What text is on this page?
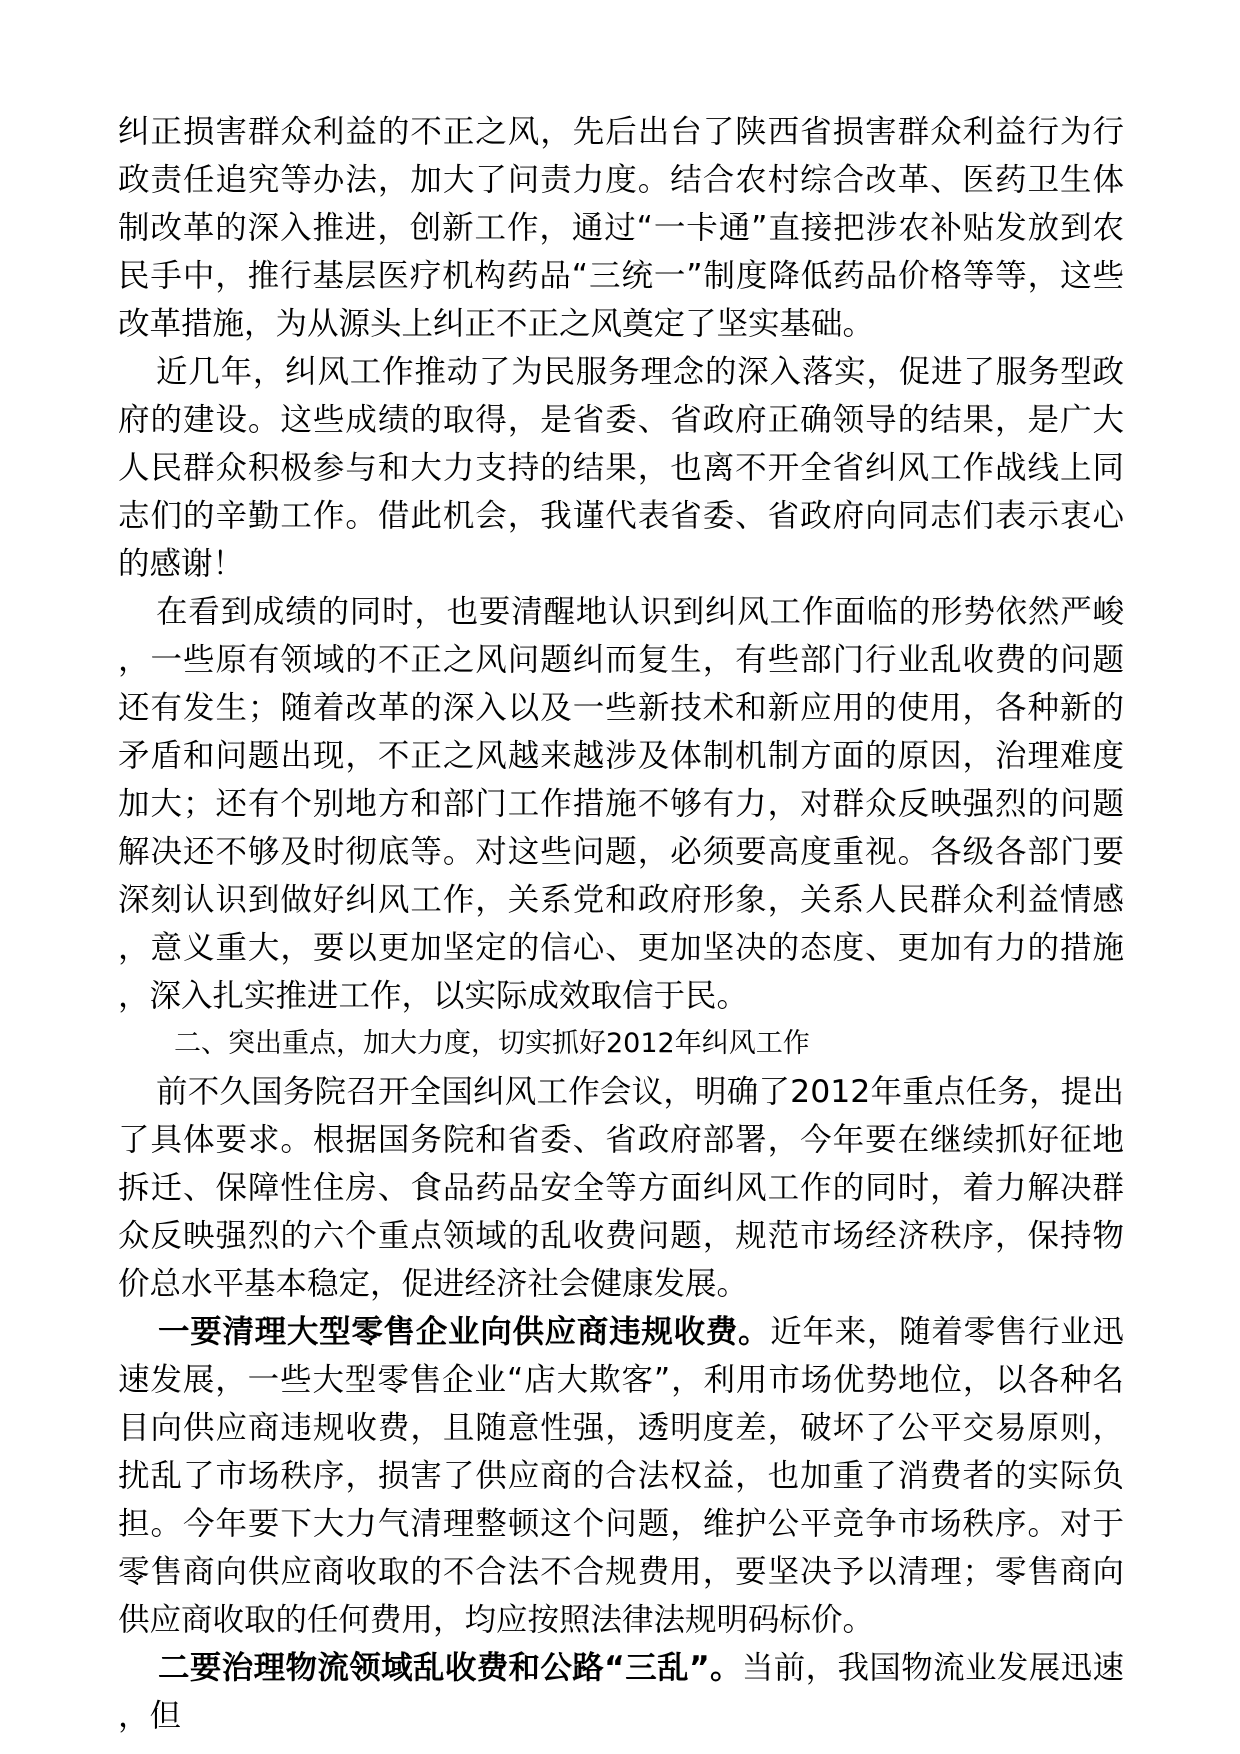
纠正损害群众利益的不正之风，先后出台了陕西省损害群众利益行为行政责任追究等办法，加大了问责力度。结合农村综合改革、医药卫生体制改革的深入推进，创新工作，通过“一卡通”直接把涉农补贴发放到农民手中，推行基层医疗机构药品“三统一”制度降低药品价格等等，这些改革措施，为从源头上纠正不正之风奠定了坚实基础。

近几年，纠风工作推动了为民服务理念的深入落实，促进了服务型政府的建设。这些成绩的取得，是省委、省政府正确领导的结果，是广大人民群众积极参与和大力支持的结果，也离不开全省纠风工作战线上同志们的辛勤工作。借此机会，我谨代表省委、省政府向同志们表示衷心的感谢！

在看到成绩的同时，也要清醒地认识到纠风工作面临的形势依然严峻，一些原有领域的不正之风问题纠而复生，有些部门行业乱收费的问题还有发生；随着改革的深入以及一些新技术和新应用的使用，各种新的矛盾和问题出现，不正之风越来越涉及体制机制方面的原因，治理难度加大；还有个别地方和部门工作措施不够有力，对群众反映强烈的问题解决还不够及时彻底等。对这些问题，必须要高度重视。各级各部门要深刻认识到做好纠风工作，关系党和政府形象，关系人民群众利益情感，意义重大，要以更加坚定的信心、更加坚决的态度、更加有力的措施，深入扎实推进工作，以实际成效取信于民。

二、突出重点，加大力度，切实抓好2012年纠风工作

前不久国务院召开全国纠风工作会议，明确了2012年重点任务，提出了具体要求。根据国务院和省委、省政府部署，今年要在继续抓好征地拆迁、保障性住房、食品药品安全等方面纠风工作的同时，着力解决群众反映强烈的六个重点领域的乱收费问题，规范市场经济秩序，保持物价总水平基本稳定，促进经济社会健康发展。

一要清理大型零售企业向供应商违规收费。近年来，随着零售行业迅速发展，一些大型零售企业“店大欺客”，利用市场优势地位，以各种名目向供应商违规收费，且随意性强，透明度差，破坏了公平交易原则，扰乱了市场秩序，损害了供应商的合法权益，也加重了消费者的实际负担。今年要下大力气清理整顿这个问题，维护公平竞争市场秩序。对于零售商向供应商收取的不合法不合规费用，要坚决予以清理；零售商向供应商收取的任何费用，均应按照法律法规明码标价。

二要治理物流领域乱收费和公路“三乱”。当前，我国物流业发展迅速，但
